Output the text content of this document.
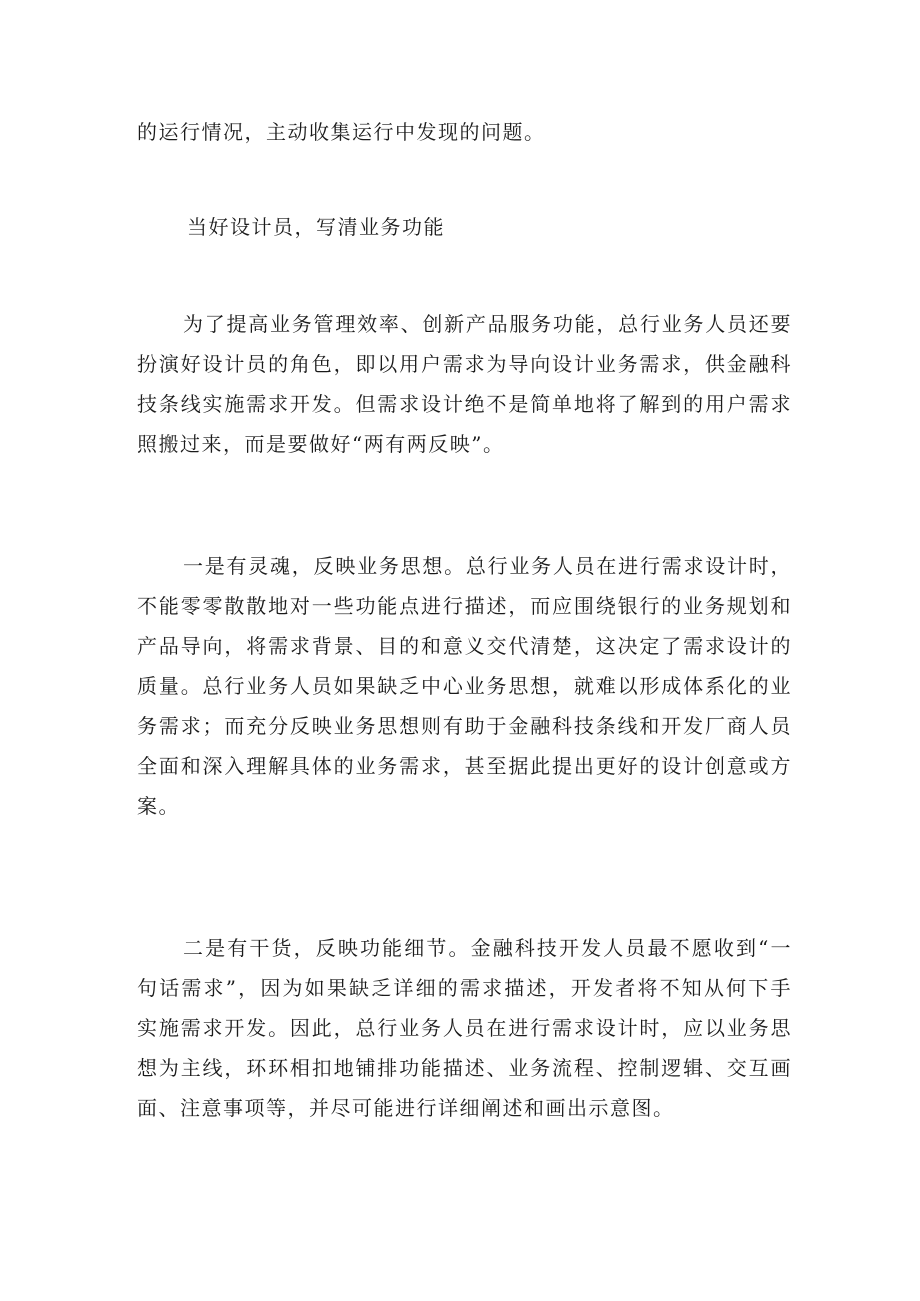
的运行情况，主动收集运行中发现的问题。

当好设计员，写清业务功能

为了提高业务管理效率、创新产品服务功能，总行业务人员还要扮演好设计员的角色，即以用户需求为导向设计业务需求，供金融科技条线实施需求开发。但需求设计绝不是简单地将了解到的用户需求照搬过来，而是要做好“两有两反映”。

一是有灵魂，反映业务思想。总行业务人员在进行需求设计时，不能零零散散地对一些功能点进行描述，而应围绕银行的业务规划和产品导向，将需求背景、目的和意义交代清楚，这决定了需求设计的质量。总行业务人员如果缺乏中心业务思想，就难以形成体系化的业务需求；而充分反映业务思想则有助于金融科技条线和开发厂商人员全面和深入理解具体的业务需求，甚至据此提出更好的设计创意或方案。

二是有干货，反映功能细节。金融科技开发人员最不愿收到“一句话需求”，因为如果缺乏详细的需求描述，开发者将不知从何下手实施需求开发。因此，总行业务人员在进行需求设计时，应以业务思想为主线，环环相扣地铺排功能描述、业务流程、控制逻辑、交互画面、注意事项等，并尽可能进行详细阐述和画出示意图。
